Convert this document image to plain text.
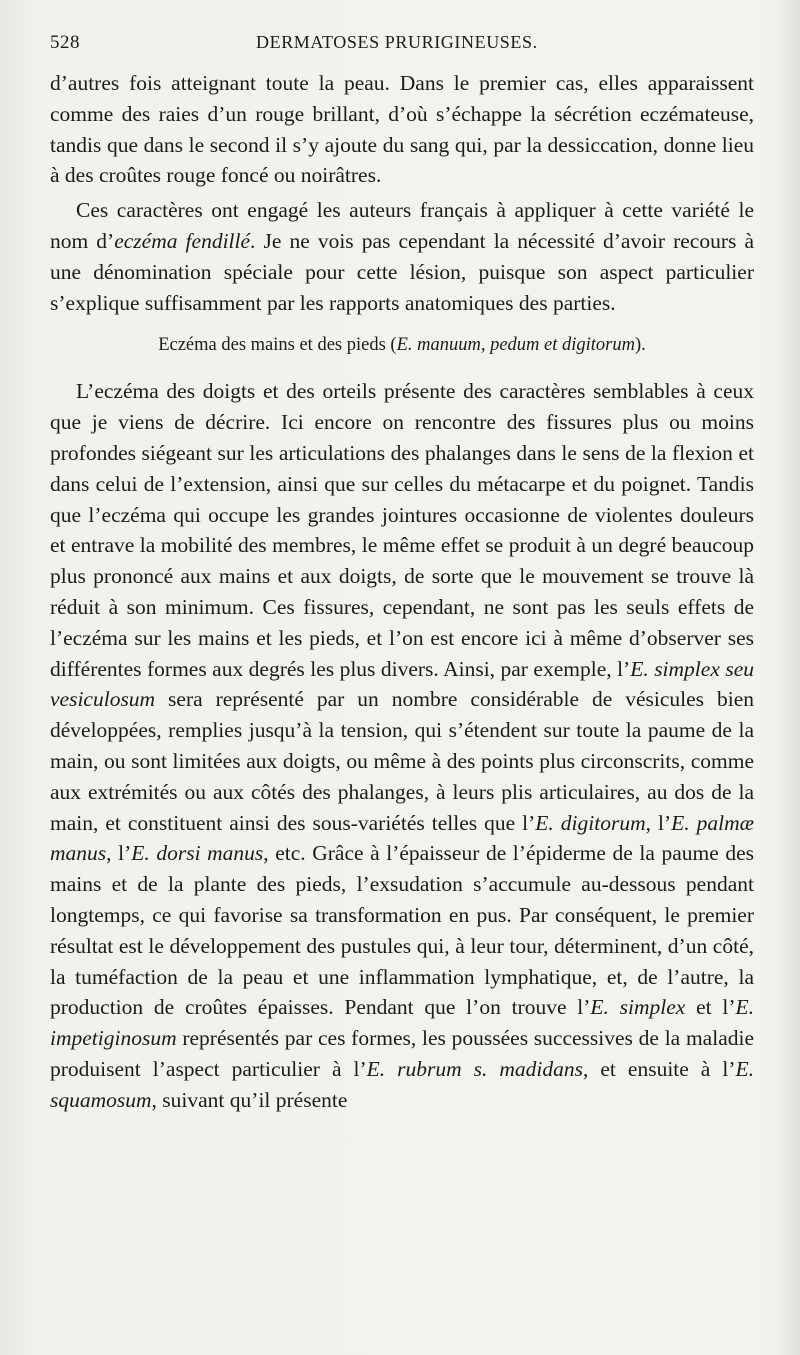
528	DERMATOSES PRURIGINEUSES.

d’autres fois atteignant toute la peau. Dans le premier cas, elles apparaissent comme des raies d’un rouge brillant, d’où s’échappe la sécrétion eczémateuse, tandis que dans le second il s’y ajoute du sang qui, par la dessiccation, donne lieu à des croûtes rouge foncé ou noirâtres.

Ces caractères ont engagé les auteurs français à appliquer à cette variété le nom d’eczéma fendillé. Je ne vois pas cependant la nécessité d’avoir recours à une dénomination spéciale pour cette lésion, puisque son aspect particulier s’explique suffisamment par les rapports anatomiques des parties.

Eczéma des mains et des pieds (E. manuum, pedum et digitorum).

L’eczéma des doigts et des orteils présente des caractères semblables à ceux que je viens de décrire. Ici encore on rencontre des fissures plus ou moins profondes siégeant sur les articulations des phalanges dans le sens de la flexion et dans celui de l’extension, ainsi que sur celles du métacarpe et du poignet. Tandis que l’eczéma qui occupe les grandes jointures occasionne de violentes douleurs et entrave la mobilité des membres, le même effet se produit à un degré beaucoup plus prononcé aux mains et aux doigts, de sorte que le mouvement se trouve là réduit à son minimum. Ces fissures, cependant, ne sont pas les seuls effets de l’eczéma sur les mains et les pieds, et l’on est encore ici à même d’observer ses différentes formes aux degrés les plus divers. Ainsi, par exemple, l’E. simplex seu vesiculosum sera représenté par un nombre considérable de vésicules bien développées, remplies jusqu’à la tension, qui s’étendent sur toute la paume de la main, ou sont limitées aux doigts, ou même à des points plus circonscrits, comme aux extrémités ou aux côtés des phalanges, à leurs plis articulaires, au dos de la main, et constituent ainsi des sous-variétés telles que l’E. digitorum, l’E. palmæ manus, l’E. dorsi manus, etc. Grâce à l’épaisseur de l’épiderme de la paume des mains et de la plante des pieds, l’exsudation s’accumule au-dessous pendant longtemps, ce qui favorise sa transformation en pus. Par conséquent, le premier résultat est le développement des pustules qui, à leur tour, déterminent, d’un côté, la tuméfaction de la peau et une inflammation lymphatique, et, de l’autre, la production de croûtes épaisses. Pendant que l’on trouve l’E. simplex et l’E. impetiginosum représentés par ces formes, les poussées successives de la maladie produisent l’aspect particulier à l’E. rubrum s. madidans, et ensuite à l’E. squamosum, suivant qu’il présente
